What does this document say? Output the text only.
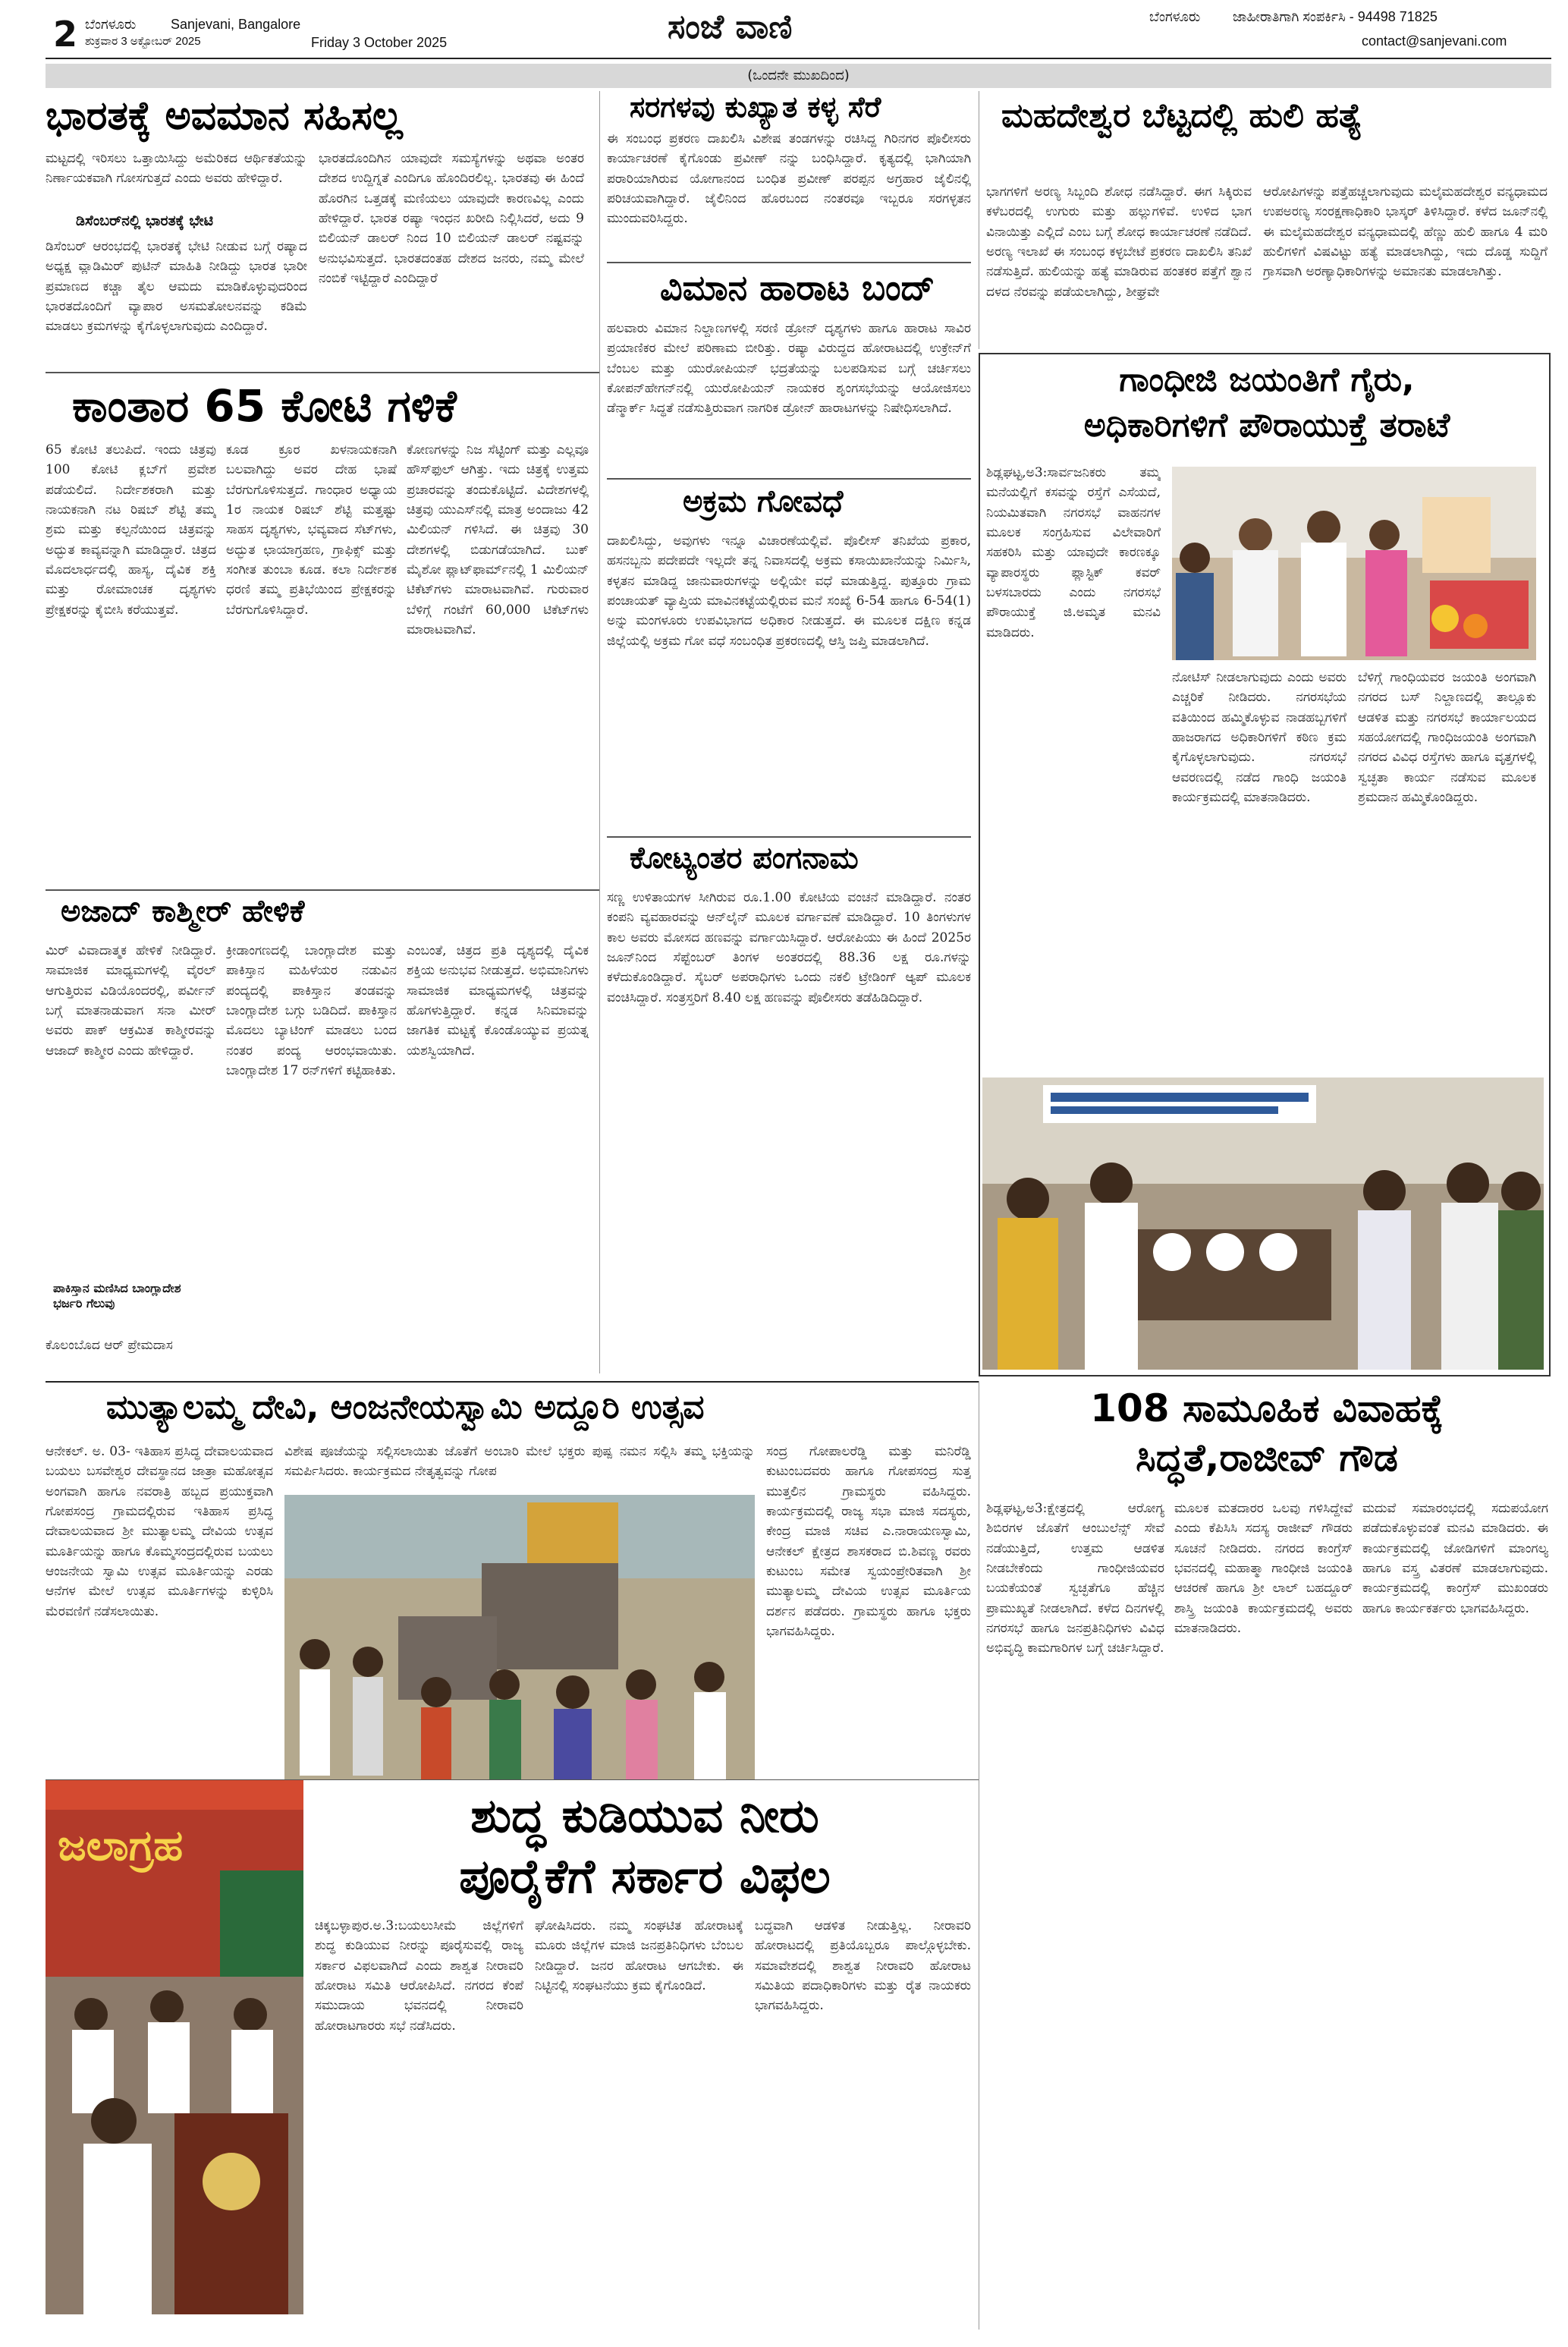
2 ಬೆಂಗಳೂರು
ಶುಕ್ರವಾರ 3 ಅಕ್ಟೋಬರ್ 2025
Sanjevani, Bangalore
Friday 3 October 2025	ಸಂಜೆ ವಾಣಿ	ಬೆಂಗಳೂರು ಜಾಹೀರಾತಿಗಾಗಿ ಸಂಪರ್ಕಿಸಿ - 94498 71825
contact@sanjevani.com
(ಒಂದನೇ ಮುಖದಿಂದ)
ಭಾರತಕ್ಕೆ ಅವಮಾನ ಸಹಿಸಲ್ಲ
ಮಟ್ಟದಲ್ಲಿ ಇರಿಸಲು ಒತ್ತಾಯಿಸಿದ್ದು ಅಮೆರಿಕದ ಆರ್ಥಿಕತೆಯನ್ನು ನಿರ್ಣಾಯಕವಾಗಿ ಗೋಸಗುತ್ತದೆ ಎಂದು ಅವರು ಹೇಳಿದ್ದಾರೆ.
ಡಿಸೆಂಬರ್‌ನಲ್ಲಿ ಭಾರತಕ್ಕೆ ಭೇಟಿ
ಡಿಸೆಂಬರ್ ಆರಂಭದಲ್ಲಿ ಭಾರತಕ್ಕೆ ಭೇಟಿ ನೀಡುವ ಬಗ್ಗೆ ರಷ್ಯಾದ ಅಧ್ಯಕ್ಷ ವ್ಲಾಡಿಮಿರ್ ಪುಟಿನ್ ಮಾಹಿತಿ ನೀಡಿದ್ದು ಭಾರತ ಭಾರೀ ಪ್ರಮಾಣದ ಕಚ್ಚಾ ತೈಲ ಆಮದು ಮಾಡಿಕೊಳ್ಳುವುದರಿಂದ ಭಾರತದೊಂದಿಗೆ ವ್ಯಾಪಾರ ಅಸಮತೋಲನವನ್ನು ಕಡಿಮೆ ಮಾಡಲು ಕ್ರಮಗಳನ್ನು ಕೈಗೊಳ್ಳಲಾಗುವುದು ಎಂದಿದ್ದಾರೆ.
ಭಾರತದೊಂದಿಗಿನ ಯಾವುದೇ ಸಮಸ್ಯೆಗಳನ್ನು ಅಥವಾ ಅಂತರ ದೇಶದ ಉದ್ದಿಗ್ನತೆ ಎಂದಿಗೂ ಹೊಂದಿರಲಿಲ್ಲ. ಭಾರತವು ಈ ಹಿಂದೆ ಹೊರಗಿನ ಒತ್ತಡಕ್ಕೆ ಮಣಿಯಲು ಯಾವುದೇ ಕಾರಣವಿಲ್ಲ ಎಂದು ಹೇಳಿದ್ದಾರೆ. ಭಾರತ ರಷ್ಯಾ ಇಂಧನ ಖರೀದಿ ನಿಲ್ಲಿಸಿದರೆ, ಅದು 9 ಬಿಲಿಯನ್ ಡಾಲರ್ ನಿಂದ 10 ಬಿಲಿಯನ್ ಡಾಲರ್ ನಷ್ಟವನ್ನು ಅನುಭವಿಸುತ್ತದೆ. ಭಾರತದಂತಹ ದೇಶದ ಜನರು, ನಮ್ಮ ಮೇಲೆ ನಂಬಿಕೆ ಇಟ್ಟಿದ್ದಾರೆ ಎಂದಿದ್ದಾರೆ
ಸರಗಳವು ಕುಖ್ಯಾತ ಕಳ್ಳ ಸೆರೆ
ಈ ಸಂಬಂಧ ಪ್ರಕರಣ ದಾಖಲಿಸಿ ವಿಶೇಷ ತಂಡಗಳನ್ನು ರಚಿಸಿದ್ದ ಗಿರಿನಗರ ಪೊಲೀಸರು ಕಾರ್ಯಾಚರಣೆ ಕೈಗೊಂಡು ಪ್ರವೀಣ್ ನನ್ನು ಬಂಧಿಸಿದ್ದಾರೆ. ಕೃತ್ಯದಲ್ಲಿ ಭಾಗಿಯಾಗಿ ಪರಾರಿಯಾಗಿರುವ ಯೋಗಾನಂದ ಬಂಧಿತ ಪ್ರವೀಣ್ ಪರಪ್ಪನ ಅಗ್ರಹಾರ ಜೈಲಿನಲ್ಲಿ ಪರಿಚಯವಾಗಿದ್ದಾರೆ. ಜೈಲಿನಿಂದ ಹೊರಬಂದ ನಂತರವೂ ಇಬ್ಬರೂ ಸರಗಳ್ಳತನ ಮುಂದುವರಿಸಿದ್ದರು.
ವಿಮಾನ ಹಾರಾಟ ಬಂದ್
ಹಲವಾರು ವಿಮಾನ ನಿಲ್ದಾಣಗಳಲ್ಲಿ ಸರಣಿ ಡ್ರೋನ್ ದೃಶ್ಯಗಳು ಹಾಗೂ ಹಾರಾಟ ಸಾವಿರ ಪ್ರಯಾಣಿಕರ ಮೇಲೆ ಪರಿಣಾಮ ಬೀರಿತ್ತು. ರಷ್ಯಾ ವಿರುದ್ಧದ ಹೋರಾಟದಲ್ಲಿ ಉಕ್ರೇನ್‌ಗೆ ಬೆಂಬಲ ಮತ್ತು ಯುರೋಪಿಯನ್ ಭದ್ರತೆಯನ್ನು ಬಲಪಡಿಸುವ ಬಗ್ಗೆ ಚರ್ಚಿಸಲು ಕೋಪನ್‌ಹೇಗನ್‌ನಲ್ಲಿ ಯುರೋಪಿಯನ್ ನಾಯಕರ ಶೃಂಗಸಭೆಯನ್ನು ಆಯೋಜಿಸಲು ಡೆನ್ಮಾರ್ಕ್ ಸಿದ್ಧತೆ ನಡೆಸುತ್ತಿರುವಾಗ ನಾಗರಿಕ ಡ್ರೋನ್ ಹಾರಾಟಗಳನ್ನು ನಿಷೇಧಿಸಲಾಗಿದೆ.
ಮಹದೇಶ್ವರ ಬೆಟ್ಟದಲ್ಲಿ ಹುಲಿ ಹತ್ಯೆ
ಭಾಗಗಳಿಗೆ ಅರಣ್ಯ ಸಿಬ್ಬಂದಿ ಶೋಧ ನಡೆಸಿದ್ದಾರೆ. ಈಗ ಸಿಕ್ಕಿರುವ ಕಳೆಬರದಲ್ಲಿ ಉಗುರು ಮತ್ತು ಹಲ್ಲುಗಳಿವೆ. ಉಳಿದ ಭಾಗ ವಿನಾಯಿತ್ತು ಎಲ್ಲಿದೆ ಎಂಬ ಬಗ್ಗೆ ಶೋಧ ಕಾರ್ಯಾಚರಣೆ ನಡೆದಿದೆ. ಅರಣ್ಯ ಇಲಾಖೆ ಈ ಸಂಬಂಧ ಕಳ್ಳಬೇಟೆ ಪ್ರಕರಣ ದಾಖಲಿಸಿ ತನಿಖೆ ನಡೆಸುತ್ತಿದೆ. ಹುಲಿಯನ್ನು ಹತ್ಯೆ ಮಾಡಿರುವ ಹಂತಕರ ಪತ್ತೆಗೆ ಶ್ವಾನ ದಳದ ನೆರವನ್ನು ಪಡೆಯಲಾಗಿದ್ದು, ಶೀಘ್ರವೇ
ಆರೋಪಿಗಳನ್ನು ಪತ್ತೆಹಚ್ಚಲಾಗುವುದು ಮಲೈಮಹದೇಶ್ವರ ವನ್ಯಧಾಮದ ಉಪಅರಣ್ಯ ಸಂರಕ್ಷಣಾಧಿಕಾರಿ ಭಾಸ್ಕರ್ ತಿಳಿಸಿದ್ದಾರೆ. ಕಳೆದ ಜೂನ್‌ನಲ್ಲಿ ಈ ಮಲೈಮಹದೇಶ್ವರ ವನ್ಯಧಾಮದಲ್ಲಿ ಹೆಣ್ಣು ಹುಲಿ ಹಾಗೂ 4 ಮರಿ ಹುಲಿಗಳಿಗೆ ವಿಷವಿಟ್ಟು ಹತ್ಯೆ ಮಾಡಲಾಗಿದ್ದು, ಇದು ದೊಡ್ಡ ಸುದ್ದಿಗೆ ಗ್ರಾಸವಾಗಿ ಅರಣ್ಯಾಧಿಕಾರಿಗಳನ್ನು ಅಮಾನತು ಮಾಡಲಾಗಿತ್ತು.
ಕಾಂತಾರ 65 ಕೋಟಿ ಗಳಿಕೆ
65 ಕೋಟಿ ತಲುಪಿದೆ. ಇಂದು ಚಿತ್ರವು 100 ಕೋಟಿ ಕ್ಲಬ್‌ಗೆ ಪ್ರವೇಶ ಪಡೆಯಲಿದೆ. ನಿರ್ದೇಶಕರಾಗಿ ಮತ್ತು ನಾಯಕನಾಗಿ ನಟ ರಿಷಬ್ ಶೆಟ್ಟಿ ತಮ್ಮ ಶ್ರಮ ಮತ್ತು ಕಲ್ಪನೆಯಿಂದ ಚಿತ್ರವನ್ನು ಅದ್ಭುತ ಕಾವ್ಯವನ್ನಾಗಿ ಮಾಡಿದ್ದಾರೆ. ಚಿತ್ರದ ಮೊದಲಾರ್ಧದಲ್ಲಿ ಹಾಸ್ಯ, ದೈವಿಕ ಶಕ್ತಿ ಮತ್ತು ರೋಮಾಂಚಕ ದೃಶ್ಯಗಳು ಪ್ರೇಕ್ಷಕರನ್ನು ಕೈಬೀಸಿ ಕರೆಯುತ್ತವೆ.
ಕೂಡ ಕ್ರೂರ ಖಳನಾಯಕನಾಗಿ ಬಲವಾಗಿದ್ದು ಅವರ ದೇಹ ಭಾಷೆ ಬೆರಗುಗೊಳಿಸುತ್ತದೆ. ಗಾಂಧಾರ ಅಧ್ಯಾಯ 1ರ ನಾಯಕ ರಿಷಬ್ ಶೆಟ್ಟಿ ಮತ್ತಷ್ಟು ಸಾಹಸ ದೃಶ್ಯಗಳು, ಭವ್ಯವಾದ ಸೆಟ್‌ಗಳು, ಅದ್ಭುತ ಛಾಯಾಗ್ರಹಣ, ಗ್ರಾಫಿಕ್ಸ್ ಮತ್ತು ಸಂಗೀತ ತುಂಬಾ ಕೂಡ. ಕಲಾ ನಿರ್ದೇಶಕ ಧರಣಿ ತಮ್ಮ ಪ್ರತಿಭೆಯಿಂದ ಪ್ರೇಕ್ಷಕರನ್ನು ಬೆರಗುಗೊಳಿಸಿದ್ದಾರೆ.
ಕೋಣಗಳನ್ನು ನಿಜ ಸೆಟ್ಟಿಂಗ್ ಮತ್ತು ಎಲ್ಲವೂ ಹೌಸ್‌ಫುಲ್ ಆಗಿತ್ತು. ಇದು ಚಿತ್ರಕ್ಕೆ ಉತ್ತಮ ಪ್ರಚಾರವನ್ನು ತಂದುಕೊಟ್ಟಿದೆ. ವಿದೇಶಗಳಲ್ಲಿ ಚಿತ್ರವು ಯುಎಸ್‌ನಲ್ಲಿ ಮಾತ್ರ ಅಂದಾಜು 42 ಮಿಲಿಯನ್ ಗಳಿಸಿದೆ. ಈ ಚಿತ್ರವು 30 ದೇಶಗಳಲ್ಲಿ ಬಿಡುಗಡೆಯಾಗಿದೆ. ಬುಕ್ ಮೈಶೋ ಪ್ಲಾಟ್‌ಫಾರ್ಮ್‌ನಲ್ಲಿ 1 ಮಿಲಿಯನ್ ಟಿಕೆಟ್‌ಗಳು ಮಾರಾಟವಾಗಿವೆ. ಗುರುವಾರ ಬೆಳಿಗ್ಗೆ ಗಂಟೆಗೆ 60,000 ಟಿಕೆಟ್‌ಗಳು ಮಾರಾಟವಾಗಿವೆ.
ಅಕ್ರಮ ಗೋವಧೆ
ದಾಖಲಿಸಿದ್ದು, ಅವುಗಳು ಇನ್ನೂ ವಿಚಾರಣೆಯಲ್ಲಿವೆ. ಪೊಲೀಸ್ ತನಿಖೆಯ ಪ್ರಕಾರ, ಹಸನಬ್ಬನು ಪದೇಪದೇ ಇಲ್ಲದೇ ತನ್ನ ನಿವಾಸದಲ್ಲಿ ಅಕ್ರಮ ಕಸಾಯಿಖಾನೆಯನ್ನು ನಿರ್ಮಿಸಿ, ಕಳ್ಳತನ ಮಾಡಿದ್ದ ಜಾನುವಾರುಗಳನ್ನು ಅಲ್ಲಿಯೇ ವಧೆ ಮಾಡುತ್ತಿದ್ದ. ಪುತ್ತೂರು ಗ್ರಾಮ ಪಂಚಾಯತ್ ವ್ಯಾಪ್ತಿಯ ಮಾವಿನಕಟ್ಟೆಯಲ್ಲಿರುವ ಮನೆ ಸಂಖ್ಯೆ 6-54 ಹಾಗೂ 6-54(1) ಅನ್ನು ಮಂಗಳೂರು ಉಪವಿಭಾಗದ ಅಧಿಕಾರ ನೀಡುತ್ತದೆ. ಈ ಮೂಲಕ ದಕ್ಷಿಣ ಕನ್ನಡ ಜಿಲ್ಲೆಯಲ್ಲಿ ಅಕ್ರಮ ಗೋ ವಧೆ ಸಂಬಂಧಿತ ಪ್ರಕರಣದಲ್ಲಿ ಆಸ್ತಿ ಜಪ್ತಿ ಮಾಡಲಾಗಿದೆ.
ಕೋಟ್ಯಂತರ ಪಂಗನಾಮ
ಸಣ್ಣ ಉಳಿತಾಯಗಳ ಸೀಗಿರುವ ರೂ.1.00 ಕೋಟಿಯ ವಂಚನೆ ಮಾಡಿದ್ದಾರೆ. ನಂತರ ಕಂಪನಿ ವ್ಯವಹಾರವನ್ನು ಆನ್‌ಲೈನ್ ಮೂಲಕ ವರ್ಗಾವಣೆ ಮಾಡಿದ್ದಾರೆ. 10 ತಿಂಗಳುಗಳ ಕಾಲ ಅವರು ಮೋಸದ ಹಣವನ್ನು ವರ್ಗಾಯಿಸಿದ್ದಾರೆ. ಆರೋಪಿಯು ಈ ಹಿಂದೆ 2025ರ ಜೂನ್‌ನಿಂದ ಸೆಪ್ಟೆಂಬರ್ ತಿಂಗಳ ಅಂತರದಲ್ಲಿ 88.36 ಲಕ್ಷ ರೂ.ಗಳನ್ನು ಕಳೆದುಕೊಂಡಿದ್ದಾರೆ. ಸೈಬರ್ ಅಪರಾಧಿಗಳು ಒಂದು ನಕಲಿ ಟ್ರೇಡಿಂಗ್ ಆ್ಯಪ್ ಮೂಲಕ ವಂಚಿಸಿದ್ದಾರೆ. ಸಂತ್ರಸ್ತರಿಗೆ 8.40 ಲಕ್ಷ ಹಣವನ್ನು ಪೊಲೀಸರು ತಡೆಹಿಡಿದಿದ್ದಾರೆ.
ಅಜಾದ್ ಕಾಶ್ಮೀರ್ ಹೇಳಿಕೆ
ಮಿರ್ ವಿವಾದಾತ್ಮಕ ಹೇಳಿಕೆ ನೀಡಿದ್ದಾರೆ. ಸಾಮಾಜಿಕ ಮಾಧ್ಯಮಗಳಲ್ಲಿ ವೈರಲ್ ಆಗುತ್ತಿರುವ ವಿಡಿಯೊಂದರಲ್ಲಿ, ಪರ್ವೀನ್ ಬಗ್ಗೆ ಮಾತನಾಡುವಾಗ ಸನಾ ಮೀರ್ ಅವರು ಪಾಕ್ ಆಕ್ರಮಿತ ಕಾಶ್ಮೀರವನ್ನು ಆಜಾದ್ ಕಾಶ್ಮೀರ ಎಂದು ಹೇಳಿದ್ದಾರೆ.
ಪಾಕಿಸ್ತಾನ ಮಣಿಸಿದ ಬಾಂಗ್ಲಾದೇಶ ಭರ್ಜರಿ ಗೆಲುವು
ಕೊಲಂಬೊದ ಆರ್ ಪ್ರೇಮದಾಸ
ಕ್ರೀಡಾಂಗಣದಲ್ಲಿ ಬಾಂಗ್ಲಾದೇಶ ಮತ್ತು ಪಾಕಿಸ್ತಾನ ಮಹಿಳೆಯರ ನಡುವಿನ ಪಂದ್ಯದಲ್ಲಿ ಪಾಕಿಸ್ತಾನ ತಂಡವನ್ನು ಬಾಂಗ್ಲಾದೇಶ ಬಗ್ಗು ಬಡಿದಿದೆ. ಪಾಕಿಸ್ತಾನ ಮೊದಲು ಬ್ಯಾಟಿಂಗ್ ಮಾಡಲು ಬಂದ ನಂತರ ಪಂದ್ಯ ಆರಂಭವಾಯಿತು. ಬಾಂಗ್ಲಾದೇಶ 17 ರನ್‌ಗಳಿಗೆ ಕಟ್ಟಿಹಾಕಿತು.
ಎಂಬಂತೆ, ಚಿತ್ರದ ಪ್ರತಿ ದೃಶ್ಯದಲ್ಲಿ ದೈವಿಕ ಶಕ್ತಿಯ ಅನುಭವ ನೀಡುತ್ತದೆ. ಅಭಿಮಾನಿಗಳು ಸಾಮಾಜಿಕ ಮಾಧ್ಯಮಗಳಲ್ಲಿ ಚಿತ್ರವನ್ನು ಹೊಗಳುತ್ತಿದ್ದಾರೆ. ಕನ್ನಡ ಸಿನಿಮಾವನ್ನು ಜಾಗತಿಕ ಮಟ್ಟಕ್ಕೆ ಕೊಂಡೊಯ್ಯುವ ಪ್ರಯತ್ನ ಯಶಸ್ವಿಯಾಗಿದೆ.
ಗಾಂಧೀಜಿ ಜಯಂತಿಗೆ ಗೈರು,
ಅಧಿಕಾರಿಗಳಿಗೆ ಪೌರಾಯುಕ್ತೆ ತರಾಟೆ
ಶಿಡ್ಲಘಟ್ಟ,ಅ3:ಸಾರ್ವಜನಿಕರು ತಮ್ಮ ಮನೆಯಲ್ಲಿಗೆ ಕಸವನ್ನು ರಸ್ತೆಗೆ ಎಸೆಯದೆ, ನಿಯಮಿತವಾಗಿ ನಗರಸಭೆ ವಾಹನಗಳ ಮೂಲಕ ಸಂಗ್ರಹಿಸುವ ವಿಲೇವಾರಿಗೆ ಸಹಕರಿಸಿ ಮತ್ತು ಯಾವುದೇ ಕಾರಣಕ್ಕೂ ವ್ಯಾಪಾರಸ್ಥರು ಪ್ಲಾಸ್ಟಿಕ್ ಕವರ್ ಬಳಸಬಾರದು ಎಂದು ನಗರಸಭೆ ಪೌರಾಯುಕ್ತೆ ಜಿ.ಅಮೃತ ಮನವಿ ಮಾಡಿದರು.
ನೋಟಿಸ್ ನೀಡಲಾಗುವುದು ಎಂದು ಅವರು ಎಚ್ಚರಿಕೆ ನೀಡಿದರು. ನಗರಸಭೆಯ ವತಿಯಿಂದ ಹಮ್ಮಿಕೊಳ್ಳುವ ನಾಡಹಬ್ಬಗಳಿಗೆ ಹಾಜರಾಗದ ಅಧಿಕಾರಿಗಳಿಗೆ ಕಠಿಣ ಕ್ರಮ ಕೈಗೊಳ್ಳಲಾಗುವುದು. ನಗರಸಭೆ ಆವರಣದಲ್ಲಿ ನಡೆದ ಗಾಂಧಿ ಜಯಂತಿ ಕಾರ್ಯಕ್ರಮದಲ್ಲಿ ಮಾತನಾಡಿದರು.
ಬೆಳಿಗ್ಗೆ ಗಾಂಧಿಯವರ ಜಯಂತಿ ಅಂಗವಾಗಿ ನಗರದ ಬಸ್ ನಿಲ್ದಾಣದಲ್ಲಿ ತಾಲ್ಲೂಕು ಆಡಳಿತ ಮತ್ತು ನಗರಸಭೆ ಕಾರ್ಯಾಲಯದ ಸಹಯೋಗದಲ್ಲಿ ಗಾಂಧಿಜಯಂತಿ ಅಂಗವಾಗಿ ನಗರದ ವಿವಿಧ ರಸ್ತೆಗಳು ಹಾಗೂ ವೃತ್ತಗಳಲ್ಲಿ ಸ್ವಚ್ಛತಾ ಕಾರ್ಯ ನಡೆಸುವ ಮೂಲಕ ಶ್ರಮದಾನ ಹಮ್ಮಿಕೊಂಡಿದ್ದರು.
ಮುತ್ಯಾಲಮ್ಮ ದೇವಿ, ಆಂಜನೇಯಸ್ವಾಮಿ ಅದ್ದೂರಿ ಉತ್ಸವ
ಆನೇಕಲ್. ಅ. 03- ಇತಿಹಾಸ ಪ್ರಸಿದ್ಧ ದೇವಾಲಯವಾದ ಬಯಲು ಬಸವೇಶ್ವರ ದೇವಸ್ಥಾನದ ಜಾತ್ರಾ ಮಹೋತ್ಸವ ಅಂಗವಾಗಿ ಹಾಗೂ ನವರಾತ್ರಿ ಹಬ್ಬದ ಪ್ರಯುಕ್ತವಾಗಿ ಗೋಪಸಂದ್ರ ಗ್ರಾಮದಲ್ಲಿರುವ ಇತಿಹಾಸ ಪ್ರಸಿದ್ಧ ದೇವಾಲಯವಾದ ಶ್ರೀ ಮುತ್ಯಾಲಮ್ಮ ದೇವಿಯ ಉತ್ಸವ ಮೂರ್ತಿಯನ್ನು ಹಾಗೂ ಕೊಮ್ಮಸಂದ್ರದಲ್ಲಿರುವ ಬಯಲು ಆಂಜನೇಯ ಸ್ವಾಮಿ ಉತ್ಸವ ಮೂರ್ತಿಯನ್ನು ಎರಡು ಆನೆಗಳ ಮೇಲೆ ಉತ್ಸವ ಮೂರ್ತಿಗಳನ್ನು ಕುಳ್ಳಿರಿಸಿ ಮೆರವಣಿಗೆ ನಡೆಸಲಾಯಿತು.
ವಿಶೇಷ ಪೂಜೆಯನ್ನು ಸಲ್ಲಿಸಲಾಯಿತು ಜೊತೆಗೆ ಅಂಬಾರಿ ಮೇಲೆ ಭಕ್ತರು ಪುಷ್ಪ ನಮನ ಸಲ್ಲಿಸಿ ತಮ್ಮ ಭಕ್ತಿಯನ್ನು ಸಮರ್ಪಿಸಿದರು. ಕಾರ್ಯಕ್ರಮದ ನೇತೃತ್ವವನ್ನು ಗೋಪ
ಸಂದ್ರ ಗೋಪಾಲರೆಡ್ಡಿ ಮತ್ತು ಮನಿರೆಡ್ಡಿ ಕುಟುಂಬದವರು ಹಾಗೂ ಗೋಪಸಂದ್ರ ಸುತ್ತ ಮುತ್ತಲಿನ ಗ್ರಾಮಸ್ಥರು ವಹಿಸಿದ್ದರು. ಕಾರ್ಯಕ್ರಮದಲ್ಲಿ ರಾಜ್ಯ ಸಭಾ ಮಾಜಿ ಸದಸ್ಯರು, ಕೇಂದ್ರ ಮಾಜಿ ಸಚಿವ ಎ.ನಾರಾಯಣಸ್ವಾಮಿ, ಆನೇಕಲ್ ಕ್ಷೇತ್ರದ ಶಾಸಕರಾದ ಬಿ.ಶಿವಣ್ಣ ರವರು ಕುಟುಂಬ ಸಮೇತ ಸ್ವಯಂಪ್ರೇರಿತವಾಗಿ ಶ್ರೀ ಮುತ್ಯಾಲಮ್ಮ ದೇವಿಯ ಉತ್ಸವ ಮೂರ್ತಿಯ ದರ್ಶನ ಪಡೆದರು. ಗ್ರಾಮಸ್ಥರು ಹಾಗೂ ಭಕ್ತರು ಭಾಗವಹಿಸಿದ್ದರು.
108 ಸಾಮೂಹಿಕ ವಿವಾಹಕ್ಕೆ
ಸಿದ್ಧತೆ,ರಾಜೀವ್ ಗೌಡ
ಶಿಡ್ಲಘಟ್ಟ,ಅ3:ಕ್ಷೇತ್ರದಲ್ಲಿ ಆರೋಗ್ಯ ಶಿಬಿರಗಳ ಜೊತೆಗೆ ಆಂಬುಲೆನ್ಸ್ ಸೇವೆ ನಡೆಯುತ್ತಿದೆ, ಉತ್ತಮ ಆಡಳಿತ ನೀಡಬೇಕೆಂದು ಗಾಂಧೀಜಿಯವರ ಬಯಕೆಯಂತೆ ಸ್ವಚ್ಛತೆಗೂ ಹೆಚ್ಚಿನ ಪ್ರಾಮುಖ್ಯತೆ ನೀಡಲಾಗಿದೆ. ಕಳೆದ ದಿನಗಳಲ್ಲಿ ನಗರಸಭೆ ಹಾಗೂ ಜನಪ್ರತಿನಿಧಿಗಳು ವಿವಿಧ ಅಭಿವೃದ್ಧಿ ಕಾಮಗಾರಿಗಳ ಬಗ್ಗೆ ಚರ್ಚಿಸಿದ್ದಾರೆ.
ಮೂಲಕ ಮತದಾರರ ಒಲವು ಗಳಿಸಿದ್ದೇವೆ ಎಂದು ಕೆಪಿಸಿಸಿ ಸದಸ್ಯ ರಾಜೀವ್ ಗೌಡರು ಸೂಚನೆ ನೀಡಿದರು. ನಗರದ ಕಾಂಗ್ರೆಸ್ ಭವನದಲ್ಲಿ ಮಹಾತ್ಮಾ ಗಾಂಧೀಜಿ ಜಯಂತಿ ಆಚರಣೆ ಹಾಗೂ ಶ್ರೀ ಲಾಲ್ ಬಹದ್ದೂರ್ ಶಾಸ್ತ್ರಿ ಜಯಂತಿ ಕಾರ್ಯಕ್ರಮದಲ್ಲಿ ಅವರು ಮಾತನಾಡಿದರು.
ಮದುವೆ ಸಮಾರಂಭದಲ್ಲಿ ಸದುಪಯೋಗ ಪಡೆದುಕೊಳ್ಳುವಂತೆ ಮನವಿ ಮಾಡಿದರು. ಈ ಕಾರ್ಯಕ್ರಮದಲ್ಲಿ ಜೋಡಿಗಳಿಗೆ ಮಾಂಗಲ್ಯ ಹಾಗೂ ವಸ್ತ್ರ ವಿತರಣೆ ಮಾಡಲಾಗುವುದು. ಕಾರ್ಯಕ್ರಮದಲ್ಲಿ ಕಾಂಗ್ರೆಸ್ ಮುಖಂಡರು ಹಾಗೂ ಕಾರ್ಯಕರ್ತರು ಭಾಗವಹಿಸಿದ್ದರು.
ಜಲಾಗ್ರಹ
ಶುದ್ಧ ಕುಡಿಯುವ ನೀರು
ಪೂರೈಕೆಗೆ ಸರ್ಕಾರ ವಿಫಲ
ಚಿಕ್ಕಬಳ್ಳಾಪುರ.ಅ.3:ಬಯಲುಸೀಮೆ ಜಿಲ್ಲೆಗಳಿಗೆ ಶುದ್ಧ ಕುಡಿಯುವ ನೀರನ್ನು ಪೂರೈಸುವಲ್ಲಿ ರಾಜ್ಯ ಸರ್ಕಾರ ವಿಫಲವಾಗಿದೆ ಎಂದು ಶಾಶ್ವತ ನೀರಾವರಿ ಹೋರಾಟ ಸಮಿತಿ ಆರೋಪಿಸಿದೆ. ನಗರದ ಕೆಂಪೆ ಸಮುದಾಯ ಭವನದಲ್ಲಿ ನೀರಾವರಿ ಹೋರಾಟಗಾರರು ಸಭೆ ನಡೆಸಿದರು.
ಘೋಷಿಸಿದರು. ನಮ್ಮ ಸಂಘಟಿತ ಹೋರಾಟಕ್ಕೆ ಮೂರು ಜಿಲ್ಲೆಗಳ ಮಾಜಿ ಜನಪ್ರತಿನಿಧಿಗಳು ಬೆಂಬಲ ನೀಡಿದ್ದಾರೆ. ಜನರ ಹೋರಾಟ ಆಗಬೇಕು. ಈ ನಿಟ್ಟಿನಲ್ಲಿ ಸಂಘಟನೆಯು ಕ್ರಮ ಕೈಗೊಂಡಿದೆ.
ಬದ್ಧವಾಗಿ ಆಡಳಿತ ನೀಡುತ್ತಿಲ್ಲ. ನೀರಾವರಿ ಹೋರಾಟದಲ್ಲಿ ಪ್ರತಿಯೊಬ್ಬರೂ ಪಾಲ್ಗೊಳ್ಳಬೇಕು. ಸಮಾವೇಶದಲ್ಲಿ ಶಾಶ್ವತ ನೀರಾವರಿ ಹೋರಾಟ ಸಮಿತಿಯ ಪದಾಧಿಕಾರಿಗಳು ಮತ್ತು ರೈತ ನಾಯಕರು ಭಾಗವಹಿಸಿದ್ದರು.
